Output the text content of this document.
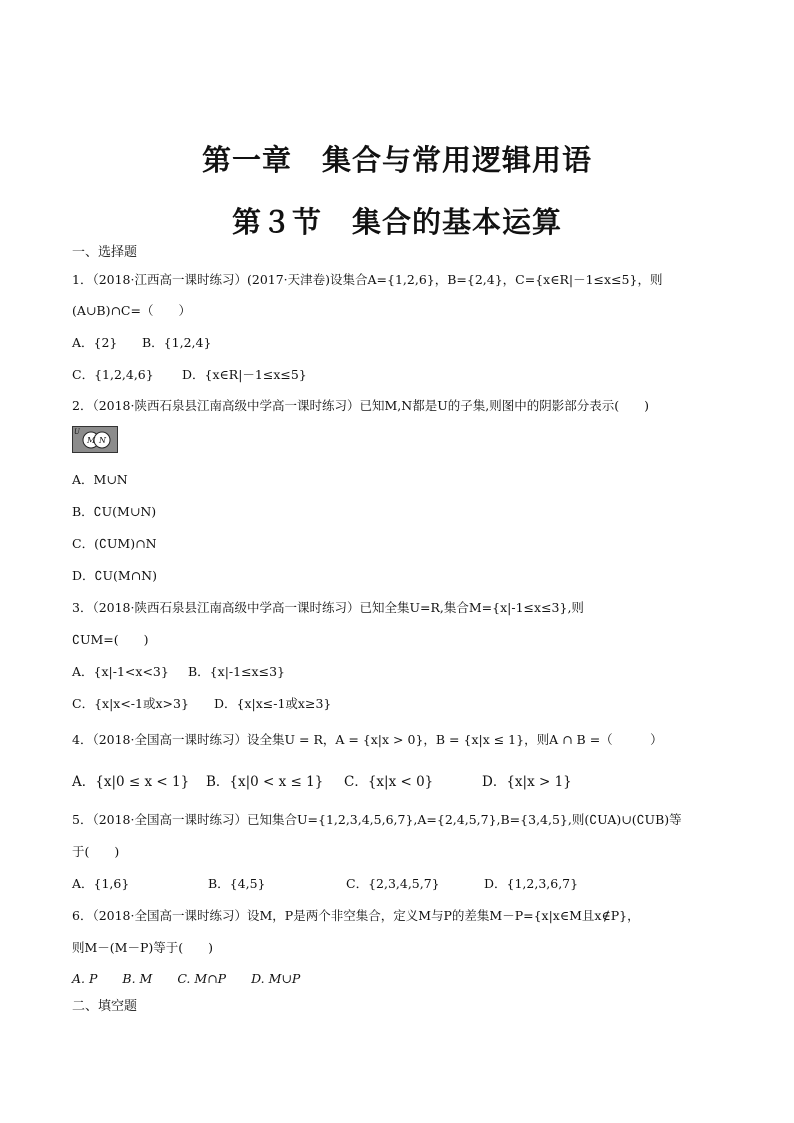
第一章　集合与常用逻辑用语
第３节　集合的基本运算
一、选择题
1．（2018·江西高一课时练习）(2017·天津卷)设集合A={1,2,6}，B={2,4}，C={x∈R|－1≤x≤5}，则
(A∪B)∩C=（　　）
A．{2} B．{1,2,4}
C．{1,2,4,6} D．{x∈R|－1≤x≤5}
2．（2018·陕西石泉县江南高级中学高一课时练习）已知M,N都是U的子集,则图中的阴影部分表示(　　)
U
M N
A．M∪N
B．∁U(M∪N)
C．(∁UM)∩N
D．∁U(M∩N)
3．（2018·陕西石泉县江南高级中学高一课时练习）已知全集U=R,集合M={x|-1≤x≤3},则
∁UM=(　　)
A．{x|-1<x<3} B．{x|-1≤x≤3}
C．{x|x<-1或x>3} D．{x|x≤-1或x≥3}
4．（2018·全国高一课时练习）设全集U = R，A = {x|x > 0}，B = {x|x ≤ 1}，则A ∩ B =（　　　）
A．{x|0 ≤ x < 1} B．{x|0 < x ≤ 1} C．{x|x < 0}	D．{x|x > 1}
5．（2018·全国高一课时练习）已知集合U={1,2,3,4,5,6,7},A={2,4,5,7},B={3,4,5},则(∁UA)∪(∁UB)等
于(　　)
A．{1,6}	B．{4,5}	C．{2,3,4,5,7}	D．{1,2,3,6,7}
6．（2018·全国高一课时练习）设M，P是两个非空集合，定义M与P的差集M－P={x|x∈M且x∉P}，
则M－(M－P)等于(　　)
A. P　　B. M　　C. M∩P　　D. M∪P
二、填空题
